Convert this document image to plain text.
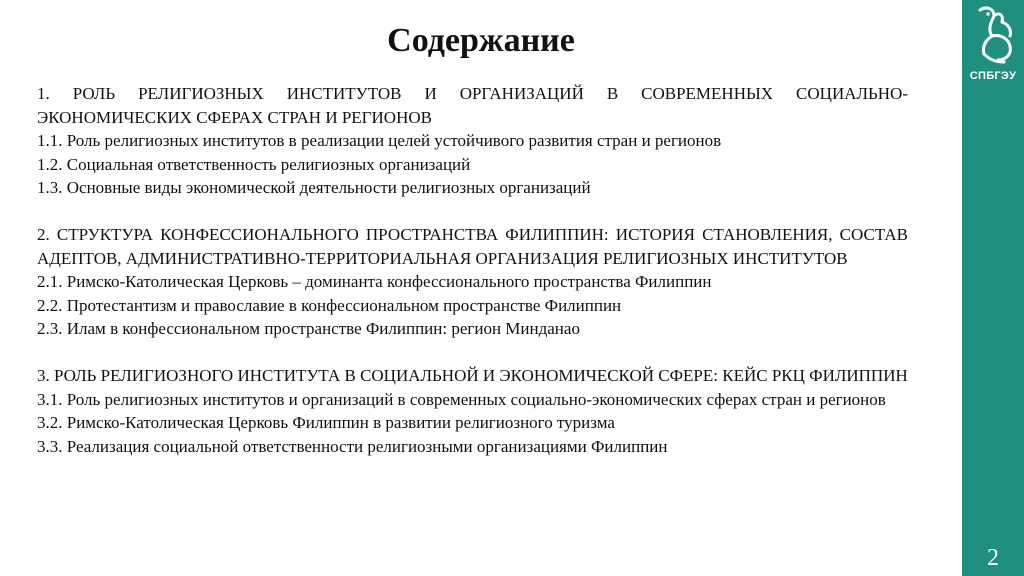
Содержание

1. РОЛЬ РЕЛИГИОЗНЫХ ИНСТИТУТОВ И ОРГАНИЗАЦИЙ В СОВРЕМЕННЫХ СОЦИАЛЬНО-ЭКОНОМИЧЕСКИХ СФЕРАХ СТРАН И РЕГИОНОВ

1.1. Роль религиозных институтов в реализации целей устойчивого развития стран и регионов

1.2. Социальная ответственность религиозных организаций

1.3. Основные виды экономической деятельности религиозных организаций

2. СТРУКТУРА КОНФЕССИОНАЛЬНОГО ПРОСТРАНСТВА ФИЛИППИН: ИСТОРИЯ СТАНОВЛЕНИЯ, СОСТАВ АДЕПТОВ, АДМИНИСТРАТИВНО-ТЕРРИТОРИАЛЬНАЯ ОРГАНИЗАЦИЯ РЕЛИГИОЗНЫХ ИНСТИТУТОВ

2.1. Римско-Католическая Церковь – доминанта конфессионального пространства Филиппин

2.2. Протестантизм и православие в конфессиональном пространстве Филиппин

2.3. Илам в конфессиональном пространстве Филиппин: регион Минданао

3. РОЛЬ РЕЛИГИОЗНОГО ИНСТИТУТА В СОЦИАЛЬНОЙ И ЭКОНОМИЧЕСКОЙ СФЕРЕ: КЕЙС РКЦ ФИЛИППИН

3.1. Роль религиозных институтов и организаций в современных социально-экономических сферах стран и регионов

3.2. Римско-Католическая Церковь Филиппин в развитии религиозного туризма

3.3. Реализация социальной ответственности религиозными организациями Филиппин

СПБГЭУ
2
